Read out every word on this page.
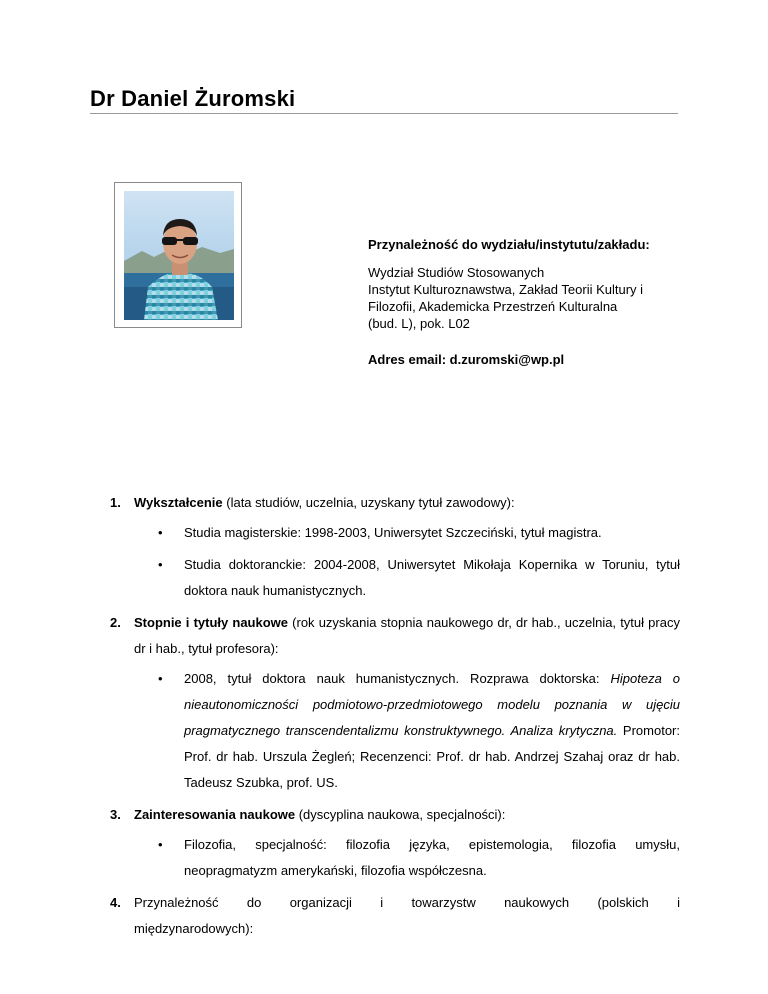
Dr Daniel Żuromski
Przynależność do wydziału/instytutu/zakładu:
Wydział Studiów Stosowanych
Instytut Kulturoznawstwa, Zakład Teorii Kultury i
Filozofii, Akademicka Przestrzeń Kulturalna
(bud. L), pok. L02
Adres email: d.zuromski@wp.pl
1. Wykształcenie (lata studiów, uczelnia, uzyskany tytuł zawodowy):
• Studia magisterskie: 1998-2003, Uniwersytet Szczeciński, tytuł magistra.
• Studia doktoranckie: 2004-2008, Uniwersytet Mikołaja Kopernika w Toruniu, tytuł doktora nauk humanistycznych.
2. Stopnie i tytuły naukowe (rok uzyskania stopnia naukowego dr, dr hab., uczelnia, tytuł pracy dr i hab., tytuł profesora):
• 2008, tytuł doktora nauk humanistycznych. Rozprawa doktorska: Hipoteza o nieautonomiczności podmiotowo-przedmiotowego modelu poznania w ujęciu pragmatycznego transcendentalizmu konstruktywnego. Analiza krytyczna. Promotor: Prof. dr hab. Urszula Żegleń; Recenzenci: Prof. dr hab. Andrzej Szahaj oraz dr hab. Tadeusz Szubka, prof. US.
3. Zainteresowania naukowe (dyscyplina naukowa, specjalności):
• Filozofia, specjalność: filozofia języka, epistemologia, filozofia umysłu, neopragmatyzm amerykański, filozofia współczesna.
4. Przynależność do organizacji i towarzystw naukowych (polskich i
międzynarodowych):
